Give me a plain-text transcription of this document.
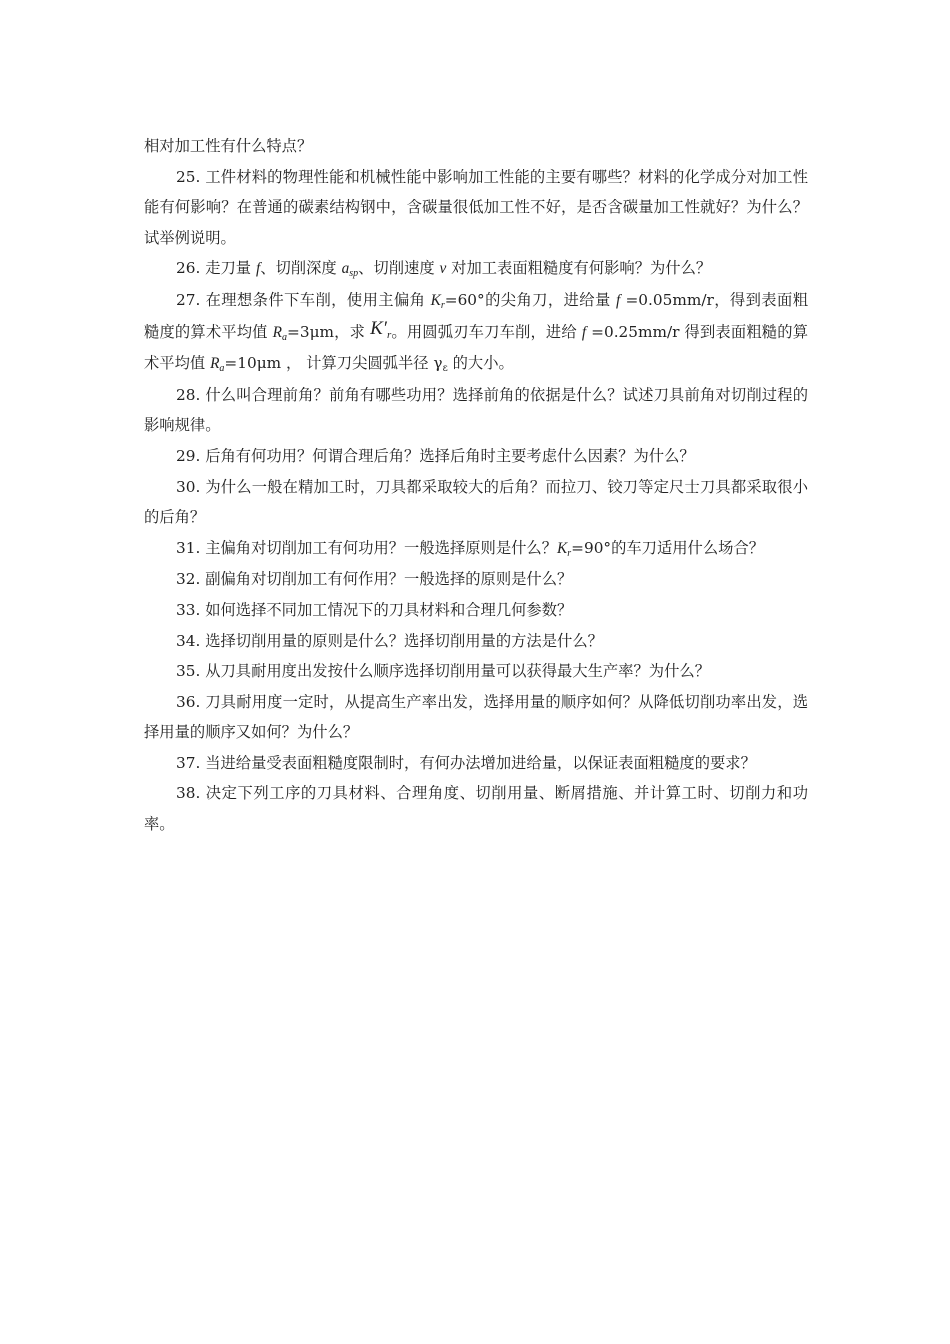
相对加工性有什么特点？

25. 工件材料的物理性能和机械性能中影响加工性能的主要有哪些？材料的化学成分对加工性能有何影响？在普通的碳素结构钢中，含碳量很低加工性不好，是否含碳量加工性就好？为什么？试举例说明。

26. 走刀量 f、切削深度 $a_{sp}$、切削速度 v 对加工表面粗糙度有何影响？为什么？

27. 在理想条件下车削，使用主偏角 $K_r=60^\circ$的尖角刀，进给量 f =0.05mm/r，得到表面粗糙度的算术平均值 $R_a=3\mu m$，求 $K'_r$。用圆弧刃车刀车削，进给 f =0.25mm/r 得到表面粗糙的算术平均值 $R_a=10\mu m$ ， 计算刀尖圆弧半径 $\gamma_\varepsilon$ 的大小。

28. 什么叫合理前角？前角有哪些功用？选择前角的依据是什么？试述刀具前角对切削过程的影响规律。

29. 后角有何功用？何谓合理后角？选择后角时主要考虑什么因素？为什么？

30. 为什么一般在精加工时，刀具都采取较大的后角？而拉刀、铰刀等定尺士刀具都采取很小的后角？

31. 主偏角对切削加工有何功用？一般选择原则是什么？$K_r=90^\circ$的车刀适用什么场合？

32. 副偏角对切削加工有何作用？一般选择的原则是什么？

33. 如何选择不同加工情况下的刀具材料和合理几何参数？

34. 选择切削用量的原则是什么？选择切削用量的方法是什么？

35. 从刀具耐用度出发按什么顺序选择切削用量可以获得最大生产率？为什么？

36. 刀具耐用度一定时，从提高生产率出发，选择用量的顺序如何？从降低切削功率出发，选择用量的顺序又如何？为什么？

37. 当进给量受表面粗糙度限制时，有何办法增加进给量，以保证表面粗糙度的要求？

38. 决定下列工序的刀具材料、合理角度、切削用量、断屑措施、并计算工时、切削力和功率。
